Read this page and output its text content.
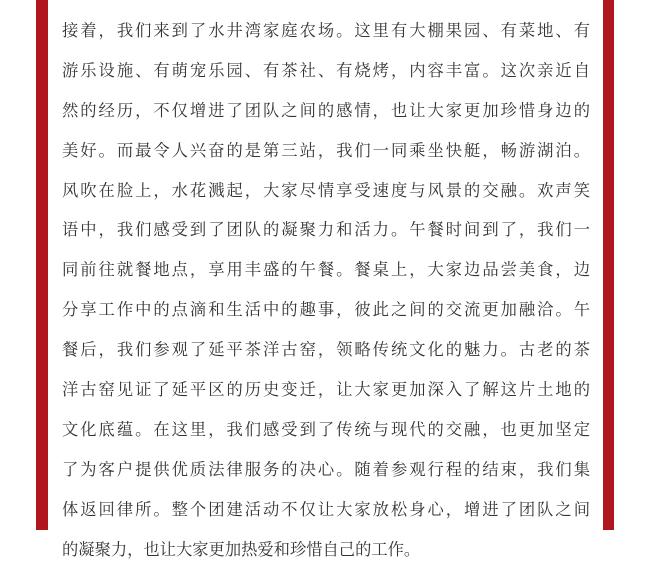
接着，我们来到了水井湾家庭农场。这里有大棚果园、有菜地、有
游乐设施、有萌宠乐园、有茶社、有烧烤，内容丰富。这次亲近自
然的经历，不仅增进了团队之间的感情，也让大家更加珍惜身边的
美好。而最令人兴奋的是第三站，我们一同乘坐快艇，畅游湖泊。
风吹在脸上，水花溅起，大家尽情享受速度与风景的交融。欢声笑
语中，我们感受到了团队的凝聚力和活力。午餐时间到了，我们一
同前往就餐地点，享用丰盛的午餐。餐桌上，大家边品尝美食，边
分享工作中的点滴和生活中的趣事，彼此之间的交流更加融洽。午
餐后，我们参观了延平茶洋古窑，领略传统文化的魅力。古老的茶
洋古窑见证了延平区的历史变迁，让大家更加深入了解这片土地的
文化底蕴。在这里，我们感受到了传统与现代的交融，也更加坚定
了为客户提供优质法律服务的决心。随着参观行程的结束，我们集
体返回律所。整个团建活动不仅让大家放松身心，增进了团队之间
的凝聚力，也让大家更加热爱和珍惜自己的工作。
